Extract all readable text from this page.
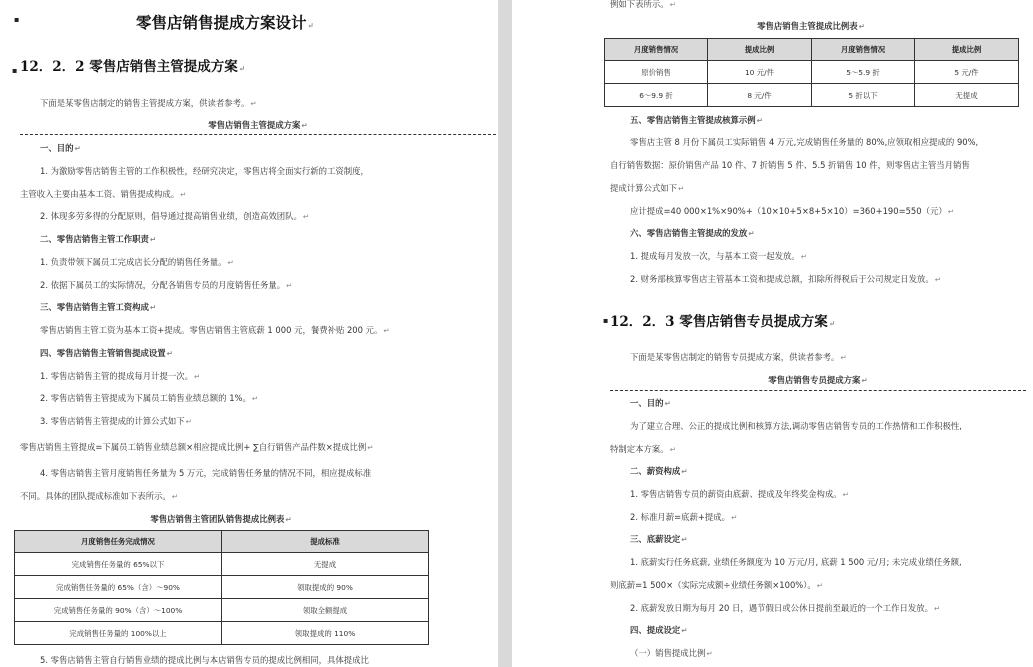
▪	零售店销售提成方案设计↵
▪ 12．2．2 零售店销售主管提成方案↵
下面是某零售店制定的销售主管提成方案，供读者参考。↵
零售店销售主管提成方案↵
一、目的↵
1. 为激励零售店销售主管的工作积极性，经研究决定，零售店将全面实行新的工资制度，
主管收入主要由基本工资、销售提成构成。↵
2. 体现多劳多得的分配原则，倡导通过提高销售业绩，创造高效团队。↵
二、零售店销售主管工作职责↵
1. 负责带领下属员工完成店长分配的销售任务量。↵
2. 依据下属员工的实际情况，分配各销售专员的月度销售任务量。↵
三、零售店销售主管工资构成↵
零售店销售主管工资为基本工资+提成。零售店销售主管底薪 1 000 元，餐费补贴 200 元。↵
四、零售店销售主管销售提成设置↵
1. 零售店销售主管的提成每月计提一次。↵
2. 零售店销售主管提成为下属员工销售业绩总额的 1%。↵
3. 零售店销售主管提成的计算公式如下↵
零售店销售主管提成=下属员工销售业绩总额×相应提成比例+ ∑自行销售产品件数×提成比例↵
4. 零售店销售主管月度销售任务量为 5 万元，完成销售任务量的情况不同，相应提成标准
不同。具体的团队提成标准如下表所示。↵
零售店销售主管团队销售提成比例表↵
月度销售任务完成情况	提成标准
完成销售任务量的 65%以下	无提成
完成销售任务量的 65%（含）～90%	领取提成的 90%
完成销售任务量的 90%（含）～100%	领取全额提成
完成销售任务量的 100%以上	领取提成的 110%
5. 零售店销售主管自行销售业绩的提成比例与本店销售专员的提成比例相同，具体提成比
例如下表所示。↵
零售店销售主管提成比例表↵
月度销售情况	提成比例	月度销售情况	提成比例
原价销售	10 元/件	5～5.9 折	5 元/件
6～9.9 折	8 元/件	5 折以下	无提成
五、零售店销售主管提成核算示例↵
零售店主管 8 月份下属员工实际销售 4 万元,完成销售任务量的 80%,应领取相应提成的 90%,
自行销售数据：原价销售产品 10 件、7 折销售 5 件、5.5 折销售 10 件，则零售店主管当月销售
提成计算公式如下↵
应计提成=40 000×1%×90%+（10×10+5×8+5×10）=360+190=550（元）↵
六、零售店销售主管提成的发放↵
1. 提成每月发放一次，与基本工资一起发放。↵
2. 财务部核算零售店主管基本工资和提成总额，扣除所得税后于公司规定日发放。↵
▪ 12．2．3 零售店销售专员提成方案↵
下面是某零售店制定的销售专员提成方案，供读者参考。↵
零售店销售专员提成方案↵
一、目的↵
为了建立合理、公正的提成比例和核算方法,调动零售店销售专员的工作热情和工作积极性,
特制定本方案。↵
二、薪资构成↵
1. 零售店销售专员的薪资由底薪、提成及年终奖金构成。↵
2. 标准月薪=底薪+提成。↵
三、底薪设定↵
1. 底薪实行任务底薪, 业绩任务额度为 10 万元/月, 底薪 1 500 元/月; 未完成业绩任务额,
则底薪=1 500×（实际完成额÷业绩任务额×100%）。↵
2. 底薪发放日期为每月 20 日，遇节假日或公休日提前至最近的一个工作日发放。↵
四、提成设定↵
（一）销售提成比例↵
